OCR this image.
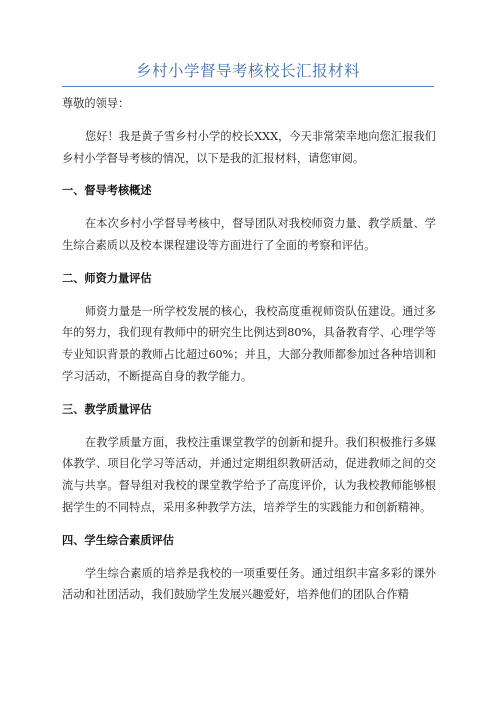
乡村小学督导考核校长汇报材料

尊敬的领导：

您好！我是黄子雪乡村小学的校长XXX，今天非常荣幸地向您汇报我们乡村小学督导考核的情况，以下是我的汇报材料，请您审阅。

一、督导考核概述

在本次乡村小学督导考核中，督导团队对我校师资力量、教学质量、学生综合素质以及校本课程建设等方面进行了全面的考察和评估。

二、师资力量评估

师资力量是一所学校发展的核心，我校高度重视师资队伍建设。通过多年的努力，我们现有教师中的研究生比例达到80%，具备教育学、心理学等专业知识背景的教师占比超过60%；并且，大部分教师都参加过各种培训和学习活动，不断提高自身的教学能力。

三、教学质量评估

在教学质量方面，我校注重课堂教学的创新和提升。我们积极推行多媒体教学、项目化学习等活动，并通过定期组织教研活动，促进教师之间的交流与共享。督导组对我校的课堂教学给予了高度评价，认为我校教师能够根据学生的不同特点，采用多种教学方法，培养学生的实践能力和创新精神。

四、学生综合素质评估

学生综合素质的培养是我校的一项重要任务。通过组织丰富多彩的课外活动和社团活动，我们鼓励学生发展兴趣爱好，培养他们的团队合作精
